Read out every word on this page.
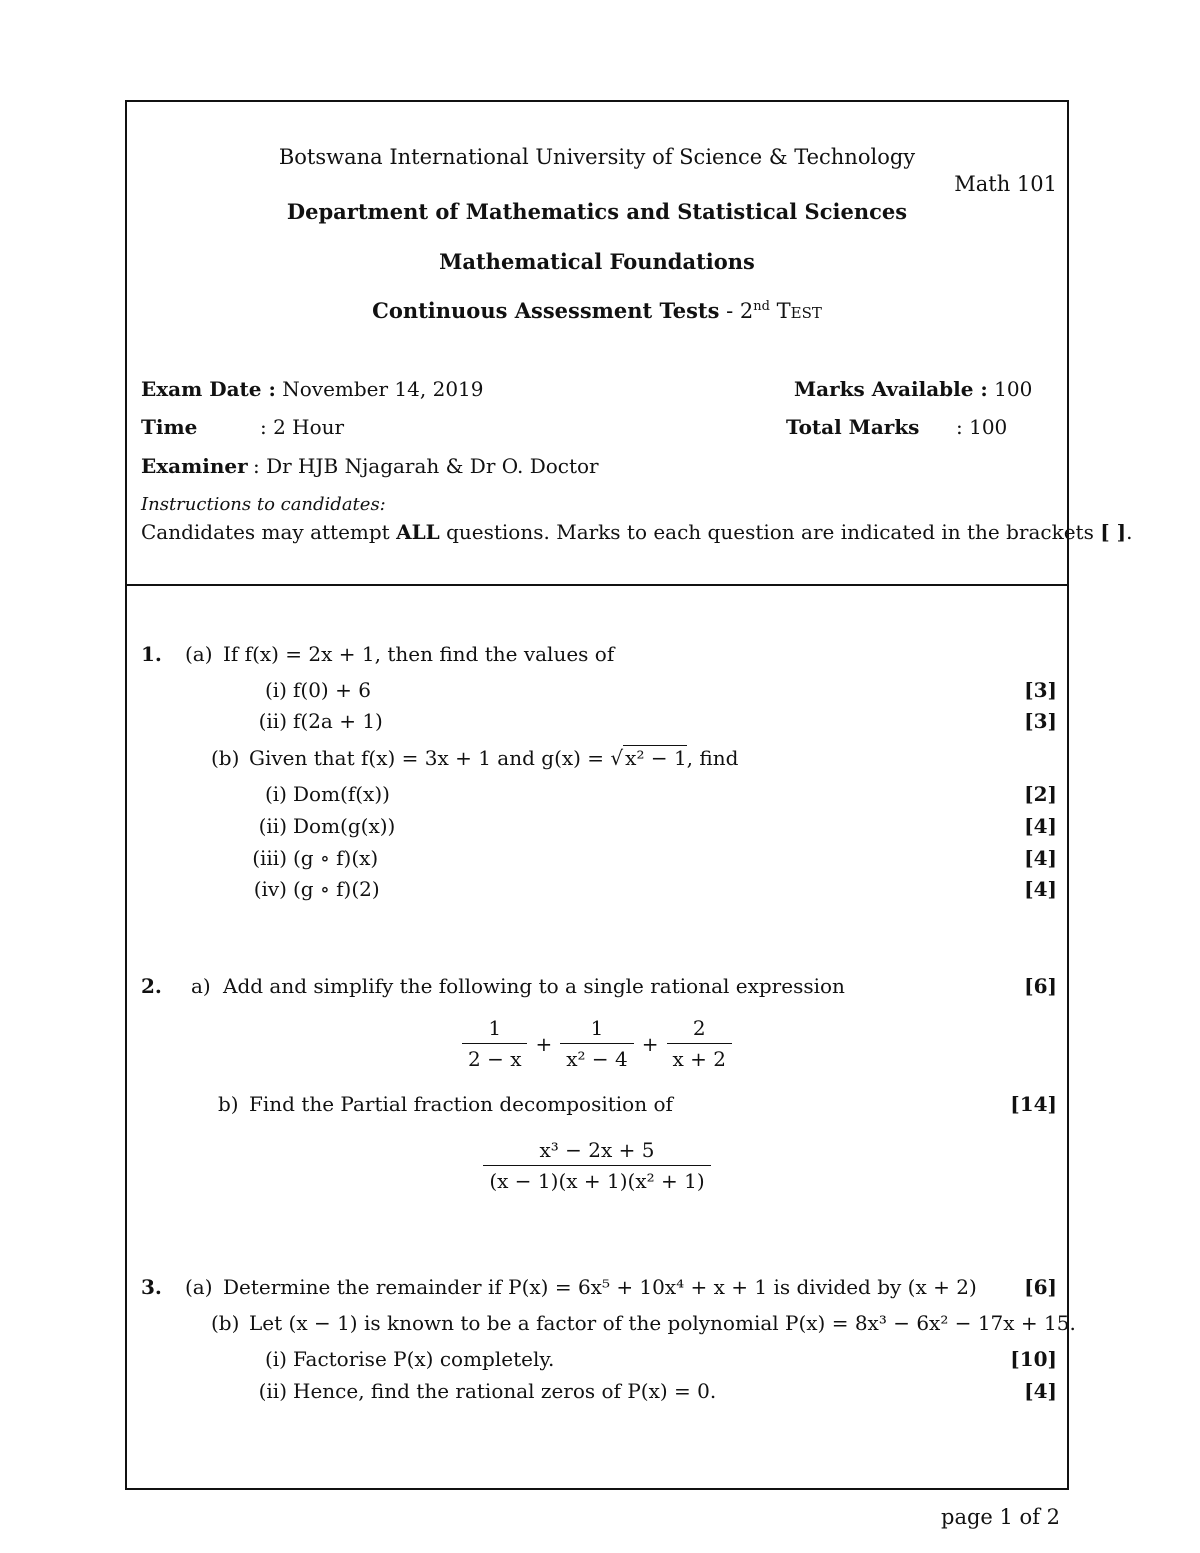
Botswana International University of Science & Technology
Math 101
Department of Mathematics and Statistical Sciences
Mathematical Foundations
Continuous Assessment Tests - 2nd Test
Exam Date : November 14, 2019	Marks Available : 100
Time	: 2 Hour	Total Marks : 100
Examiner : Dr HJB Njagarah & Dr O. Doctor
Instructions to candidates:
Candidates may attempt ALL questions. Marks to each question are indicated in the brackets [ ].
1. (a) If f(x) = 2x + 1, then find the values of
(i) f(0) + 6	[3]
(ii) f(2a + 1)	[3]
(b) Given that f(x) = 3x + 1 and g(x) = √ x² − 1, find
(i) Dom(f(x))	[2]
(ii) Dom(g(x))	[4]
(iii) (g ∘ f)(x)	[4]
(iv) (g ∘ f)(2)	[4]
2. a) Add and simplify the following to a single rational expression	[6]
$\frac{1}{2 - x} + \frac{1}{\text{x² − 4}} + \frac{2}{x + 2}$
b) Find the Partial fraction decomposition of	[14]
$\frac{\text{x³ − 2x + 5}}{\text{(x − 1)(x + 1)(x² + 1)}}$
3. (a) Determine the remainder if P(x) = 6x⁵ + 10x⁴ + x + 1 is divided by (x + 2) [6]
(b) Let (x − 1) is known to be a factor of the polynomial P(x) = 8x³ − 6x² − 17x + 15.
(i) Factorise P(x) completely.	[10]
(ii) Hence, find the rational zeros of P(x) = 0.	[4]
page 1 of 2
